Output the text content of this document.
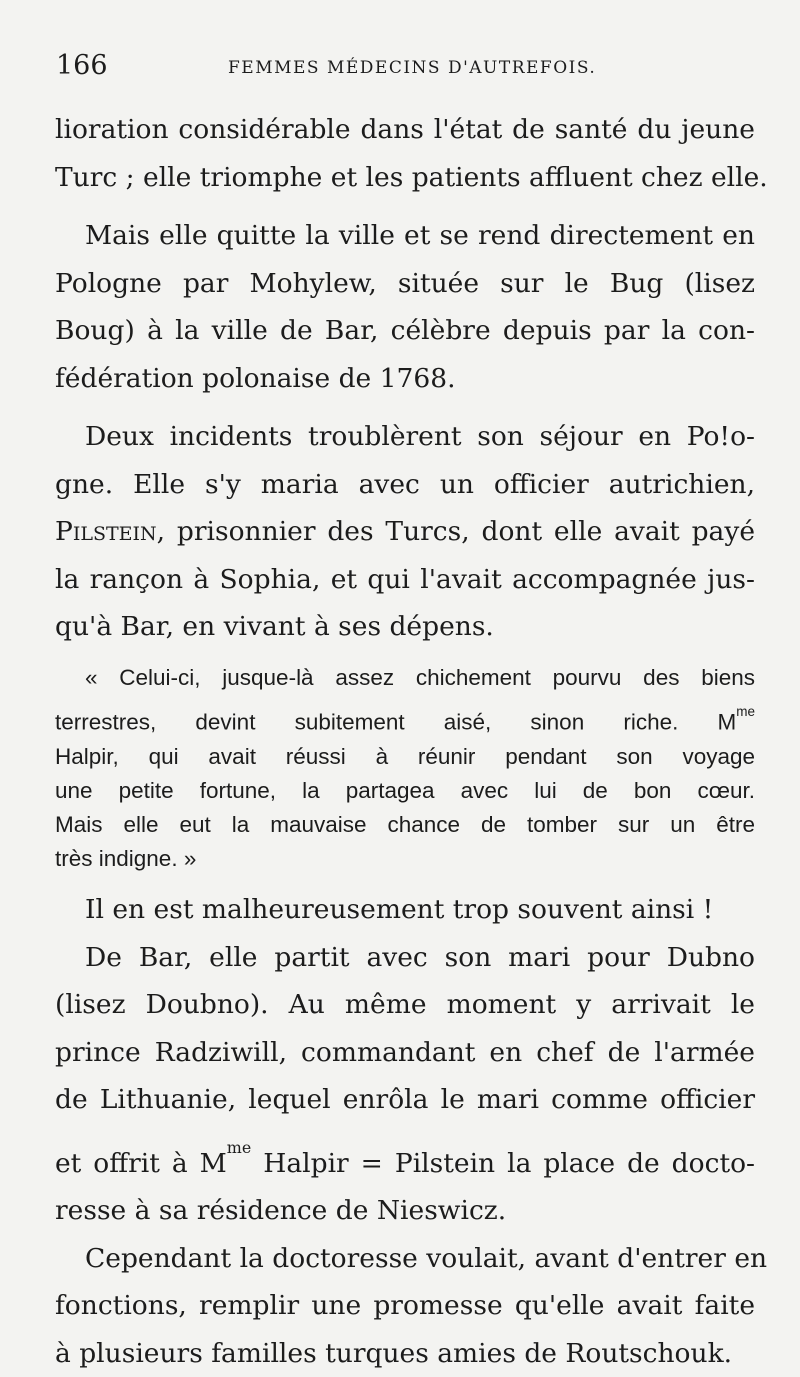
166	FEMMES MÉDECINS D'AUTREFOIS.

lioration considérable dans l'état de santé du jeune
Turc ; elle triomphe et les patients affluent chez elle.

Mais elle quitte la ville et se rend directement en
Pologne par Mohylew, située sur le Bug (lisez
Boug) à la ville de Bar, célèbre depuis par la con-
fédération polonaise de 1768.

Deux incidents troublèrent son séjour en Po!o-
gne. Elle s'y maria avec un officier autrichien,
Pilstein, prisonnier des Turcs, dont elle avait payé
la rançon à Sophia, et qui l'avait accompagnée jus-
qu'à Bar, en vivant à ses dépens.

« Celui-ci, jusque-là assez chichement pourvu des biens
terrestres, devint subitement aisé, sinon riche. $M^{me}$
Halpir, qui avait réussi à réunir pendant son voyage
une petite fortune, la partagea avec lui de bon cœur.
Mais elle eut la mauvaise chance de tomber sur un être
très indigne. »

Il en est malheureusement trop souvent ainsi !

De Bar, elle partit avec son mari pour Dubno
(lisez Doubno). Au même moment y arrivait le
prince Radziwill, commandant en chef de l'armée
de Lithuanie, lequel enrôla le mari comme officier
et offrit à $M^{me}$ Halpir = Pilstein la place de docto-
resse à sa résidence de Nieswicz.

Cependant la doctoresse voulait, avant d'entrer en
fonctions, remplir une promesse qu'elle avait faite
à plusieurs familles turques amies de Routschouk.
